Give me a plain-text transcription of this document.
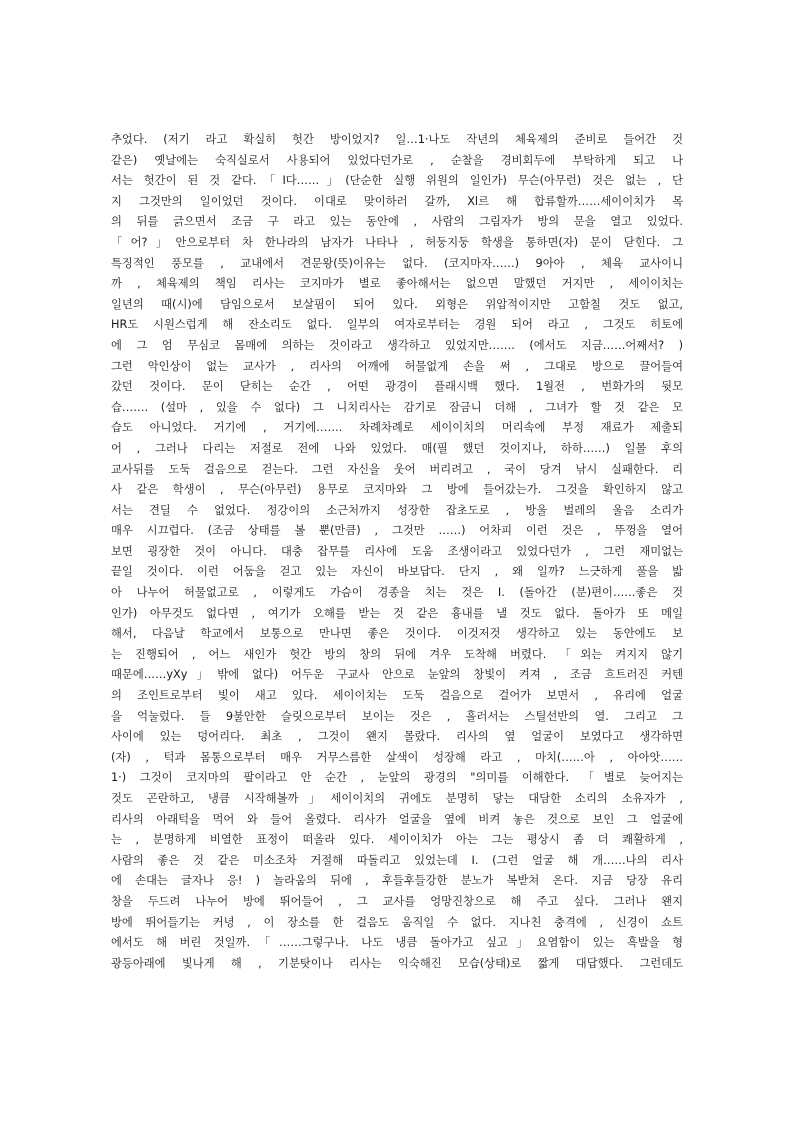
추었다. (저기 라고 확실히 헛간 방이었지? 일…1·나도 작년의 체육제의 준비로 들어간 것
같은) 옛날에는 숙직실로서 사용되어 있었다던가로 , 순찰을 경비회두에 부탁하게 되고 나
서는 헛간이 된 것 같다.「I다……」(단순한 실행 위원의 일인가) 무슨(아무런) 것은 없는 , 단
지 그것만의 일이었던 것이다. 이대로 맞이하러 갈까, Xl르 해 합류할까……세이이치가 목
의 뒤를 긁으면서 조금 구 라고 있는 동안에 , 사람의 그림자가 방의 문을 열고 있었다.
「어?」안으로부터 차 한나라의 남자가 나타나 , 허둥지둥 학생을 통하면(자) 문이 닫힌다. 그
특징적인 풍모를 , 교내에서 견문왕(뜻)이유는 없다. (코지마자……) 9아아 , 체육 교사이니
까 , 체육제의 책임 리사는 코지마가 별로 좋아해서는 없으면 말했던 거지만 , 세이이치는
일년의 때(시)에 담임으로서 보살핌이 되어 있다. 외형은 위압적이지만 고함칠 것도 없고,
HR도 시원스럽게 해 잔소리도 없다. 일부의 여자로부터는 경원 되어 라고 , 그것도 히토에
에 그 엄 무심코 몸매에 의하는 것이라고 생각하고 있었지만……. (에서도 지금……어째서? )
그런 악인상이 없는 교사가 , 리사의 어깨에 허물없게 손을 써 , 그대로 방으로 끌어들여
갔던 것이다. 문이 닫히는 순간 , 어떤 광경이 플래시백 했다. 1월전 , 번화가의 뒷모
습……. (설마 , 있을 수 없다) 그 니치리사는 감기로 잠금니 더해 , 그녀가 할 것 같은 모
습도 아니었다. 거기에 , 거기에……. 차례차례로 세이이치의 머리속에 부정 재료가 제출되
어 , 그러나 다리는 저절로 전에 나와 있었다. 매(필 했던 것이지나, 하하……) 일몰 후의
교사뒤를 도둑 걸음으로 걷는다. 그런 자신을 웃어 버리려고 , 국이 당겨 낚시 실패한다. 리
사 같은 학생이 , 무슨(아무런) 용무로 코지마와 그 방에 들어갔는가. 그것을 확인하지 않고
서는 견딜 수 없었다. 정강이의 소근처까지 성장한 잡초도로 , 방울 벌레의 울음 소리가
매우 시끄럽다. (조금 상태를 볼 뿐(만큼) , 그것만 ……) 어차피 이런 것은 , 뚜껑을 열어
보면 굉장한 것이 아니다. 대충 잡무를 리사에 도움 조생이라고 있었다던가 , 그런 재미없는
끝일 것이다. 이런 어둠을 걷고 있는 자신이 바보답다. 단지 , 왜 일까? 느긋하게 풀을 밟
아 나누어 허물없고로 , 이렇게도 가슴이 경종을 치는 것은 I. (돌아간 (분)편이……좋은 것
인가) 아무것도 없다면 , 여기가 오해를 받는 것 같은 흉내를 낼 것도 없다. 돌아가 또 메일
해서, 다음날 학교에서 보통으로 만나면 좋은 것이다. 이것저것 생각하고 있는 동안에도 보
는 진행되어 , 어느 새인가 헛간 방의 창의 뒤에 겨우 도착해 버렸다. 「외는 켜지지 않기
때문에……yXy」밖에 없다) 어두운 구교사 안으로 눈앞의 창빛이 켜져 , 조금 흐트러진 커텐
의 조인트로부터 빛이 새고 있다. 세이이치는 도둑 걸음으로 걸어가 보면서 , 유리에 얼굴
을 억눌렀다. 들 9불안한 슬릿으로부터 보이는 것은 , 흘러서는 스틸선반의 열. 그리고 그
사이에 있는 덩어리다. 최초 , 그것이 왠지 몰랐다. 리사의 옆 얼굴이 보였다고 생각하면
(자) , 턱과 몸통으로부터 매우 거무스름한 살색이 성장해 라고 , 마치(……아 , 아아앗……
1·) 그것이 코지마의 팔이라고 안 순간 , 눈앞의 광경의 "의미를 이해한다. 「별로 늦어지는
것도 곤란하고, 냉큼 시작해볼까」세이이치의 귀에도 분명히 닿는 대담한 소리의 소유자가 ,
리사의 아래턱을 먹어 와 들어 올렸다. 리사가 얼굴을 옆에 비켜 놓은 것으로 보인 그 얼굴에
는 , 분명하게 비열한 표정이 떠올라 있다. 세이이치가 아는 그는 평상시 좀 더 쾌활하게 ,
사람의 좋은 것 같은 미소조차 거절해 따돌리고 있었는데 I. (그런 얼굴 해 개……나의 리사
에 손대는 글자나 응! ) 놀라움의 뒤에 , 후들후들강한 분노가 복받쳐 온다. 지금 당장 유리
창을 두드려 나누어 방에 뛰어들어 , 그 교사를 엉망진창으로 해 주고 싶다. 그러나 왠지
방에 뛰어들기는 커녕 , 이 장소를 한 걸음도 움직일 수 없다. 지나친 충격에 , 신경이 쇼트
에서도 해 버린 것일까.「……그렇구나. 나도 냉큼 돌아가고 싶고」요염함이 있는 흑발을 형
광등아래에 빛나게 해 , 기분탓이나 리사는 익숙해진 모습(상태)로 짧게 대답했다. 그런데도
